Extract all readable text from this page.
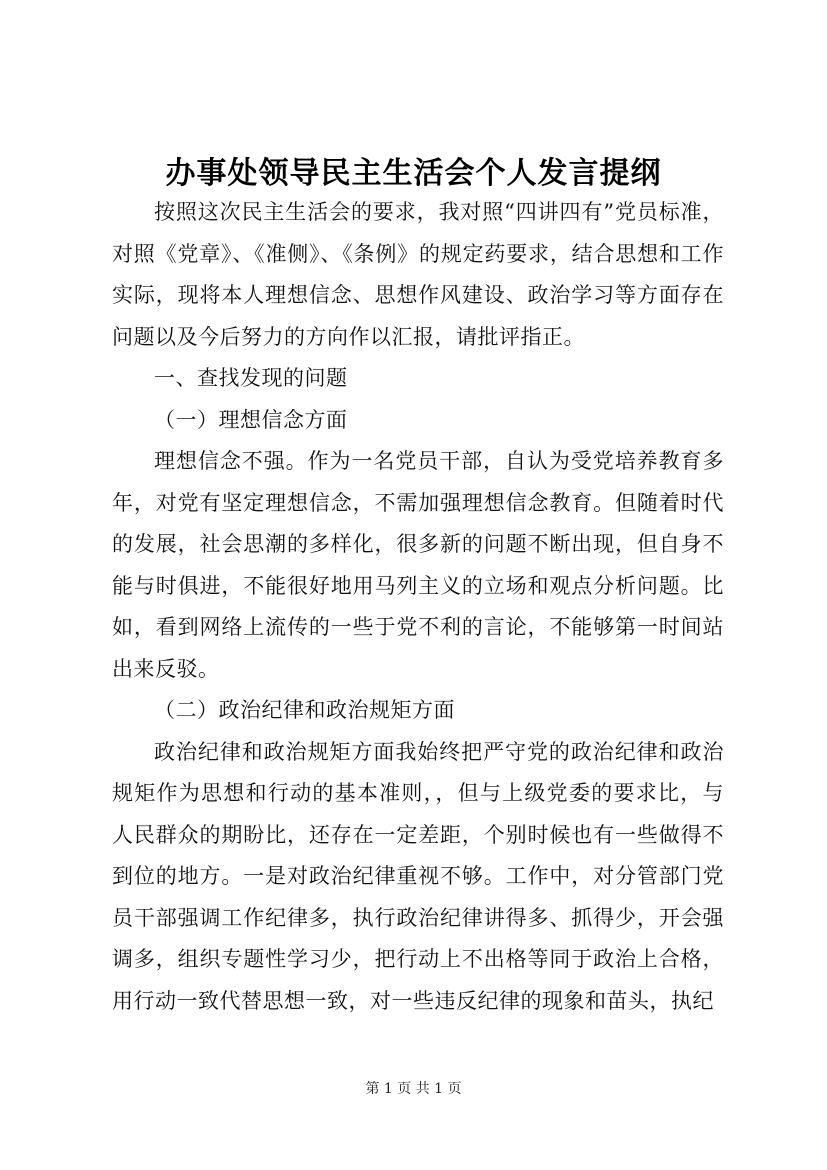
办事处领导民主生活会个人发言提纲

按照这次民主生活会的要求，我对照“四讲四有”党员标准，对照《党章》、《准侧》、《条例》的规定药要求，结合思想和工作实际，现将本人理想信念、思想作风建设、政治学习等方面存在问题以及今后努力的方向作以汇报，请批评指正。

一、查找发现的问题

（一）理想信念方面

理想信念不强。作为一名党员干部，自认为受党培养教育多年，对党有坚定理想信念，不需加强理想信念教育。但随着时代的发展，社会思潮的多样化，很多新的问题不断出现，但自身不能与时俱进，不能很好地用马列主义的立场和观点分析问题。比如，看到网络上流传的一些于党不利的言论，不能够第一时间站出来反驳。

（二）政治纪律和政治规矩方面

政治纪律和政治规矩方面我始终把严守党的政治纪律和政治规矩作为思想和行动的基本准则，，但与上级党委的要求比，与人民群众的期盼比，还存在一定差距，个别时候也有一些做得不到位的地方。一是对政治纪律重视不够。工作中，对分管部门党员干部强调工作纪律多，执行政治纪律讲得多、抓得少，开会强调多，组织专题性学习少，把行动上不出格等同于政治上合格，用行动一致代替思想一致，对一些违反纪律的现象和苗头，执纪

第 1 页 共 1 页
